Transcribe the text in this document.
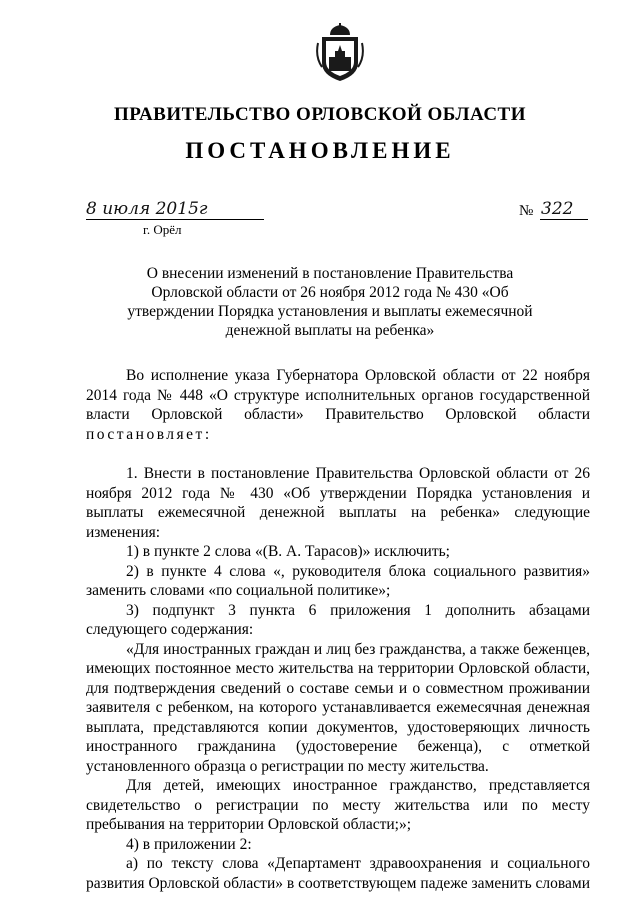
ПРАВИТЕЛЬСТВО ОРЛОВСКОЙ ОБЛАСТИ
ПОСТАНОВЛЕНИЕ
8 июля 2015г
г. Орёл
№ 322
О внесении изменений в постановление Правительства Орловской области от 26 ноября 2012 года № 430 «Об утверждении Порядка установления и выплаты ежемесячной денежной выплаты на ребенка»

Во исполнение указа Губернатора Орловской области от 22 ноября 2014 года № 448 «О структуре исполнительных органов государственной власти Орловской области» Правительство Орловской области постановляет:

1. Внести в постановление Правительства Орловской области от 26 ноября 2012 года № 430 «Об утверждении Порядка установления и выплаты ежемесячной денежной выплаты на ребенка» следующие изменения:

1) в пункте 2 слова «(В. А. Тарасов)» исключить;

2) в пункте 4 слова «, руководителя блока социального развития» заменить словами «по социальной политике»;

3) подпункт 3 пункта 6 приложения 1 дополнить абзацами следующего содержания:

«Для иностранных граждан и лиц без гражданства, а также беженцев, имеющих постоянное место жительства на территории Орловской области, для подтверждения сведений о составе семьи и о совместном проживании заявителя с ребенком, на которого устанавливается ежемесячная денежная выплата, представляются копии документов, удостоверяющих личность иностранного гражданина (удостоверение беженца), с отметкой установленного образца о регистрации по месту жительства.

Для детей, имеющих иностранное гражданство, представляется свидетельство о регистрации по месту жительства или по месту пребывания на территории Орловской области;»;

4) в приложении 2:

а) по тексту слова «Департамент здравоохранения и социального развития Орловской области» в соответствующем падеже заменить словами
